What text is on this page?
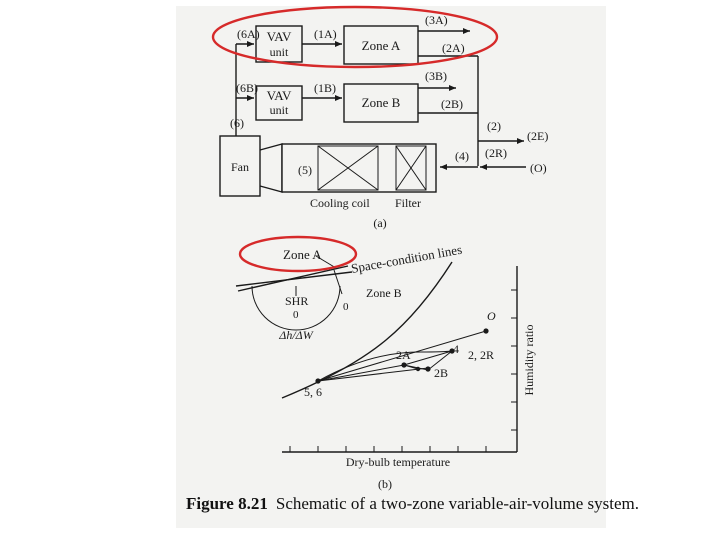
VAV
unit	Zone A
(6A)	(1A)
(3A)
(2A)
VAV
unit	Zone B
(6B)	(1B)
(3B)
(2B)
(6)	(2)
(2E)
(2R)
(O)
(4)
Fan	(5)
Cooling coil Filter
(a)
5, 6
O
4 2, 2R
2A
2B
Dry-bulb temperature
Humidity ratio
(b)
SHR
0
0
Δh/ΔW
Zone A Space-condition lines
Zone B
Figure 8.21 Schematic of a two-zone variable-air-volume system.
